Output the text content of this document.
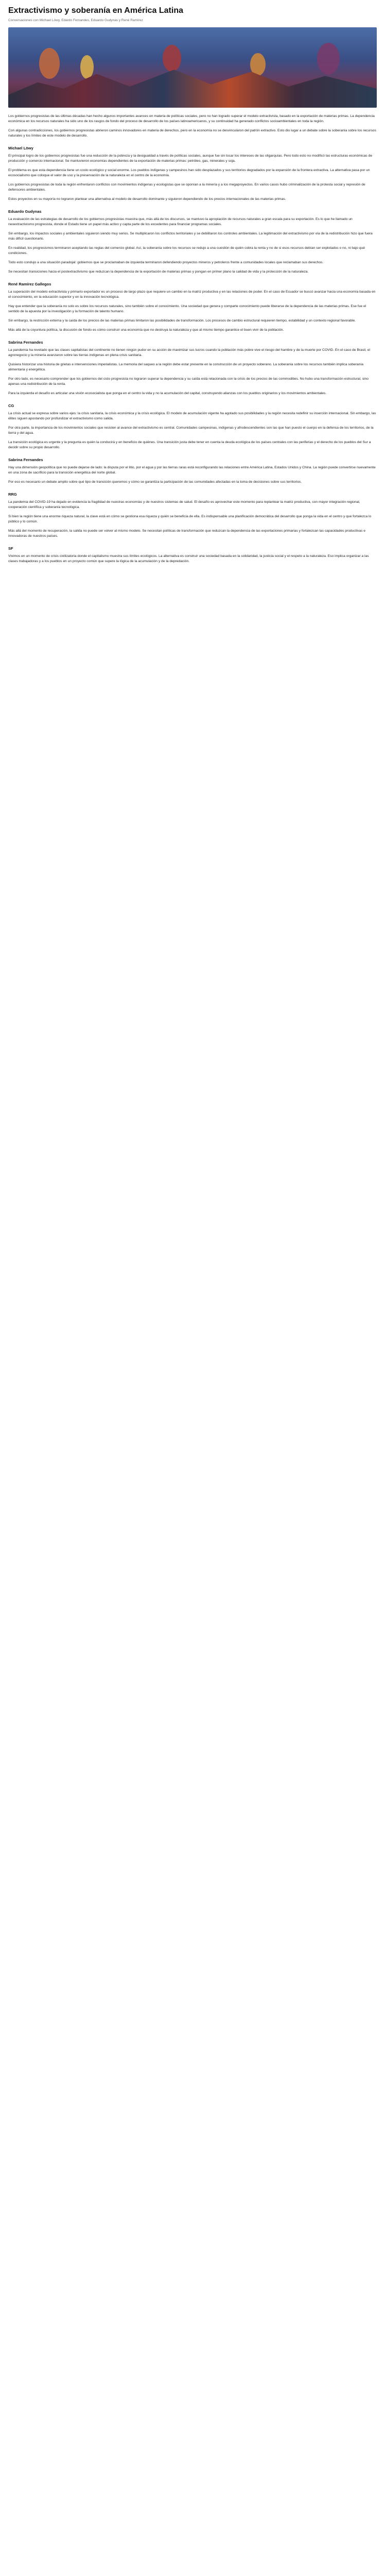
Extractivismo y soberanía en América Latina
Conversaciones con Michael Löwy, Edardo Fernandes, Eduardo Gudynas y René Ramírez

Los gobiernos progresistas de las últimas décadas han hecho algunos importantes avances en materia de políticas sociales, pero no han logrado superar el modelo extractivista, basado en la exportación de materias primas. La dependencia económica en los recursos naturales ha sido uno de los rasgos de fondo del proceso de desarrollo de los países latinoamericanos, y su continuidad ha generado conflictos socioambientales en toda la región.

Con algunas contradicciones, los gobiernos progresistas abrieron caminos innovadores en materia de derechos, pero en la economía no se desvincularon del patrón extractivo. Esto dio lugar a un debate sobre la soberanía sobre los recursos naturales y los límites de este modelo de desarrollo.

Michael Löwy

El principal logro de los gobiernos progresistas fue una reducción de la pobreza y la desigualdad a través de políticas sociales, aunque fue sin tocar los intereses de las oligarquías. Pero todo esto no modificó las estructuras económicas de producción y comercio internacional. Se mantuvieron economías dependientes de la exportación de materias primas: petróleo, gas, minerales y soja.

El problema es que esta dependencia tiene un costo ecológico y social enorme. Los pueblos indígenas y campesinos han sido desplazados y sus territorios degradados por la expansión de la frontera extractiva. La alternativa pasa por un ecosocialismo que coloque el valor de uso y la preservación de la naturaleza en el centro de la economía.

Los gobiernos progresistas de toda la región enfrentaron conflictos con movimientos indígenas y ecologistas que se oponían a la minería y a los megaproyectos. En varios casos hubo criminalización de la protesta social y represión de defensores ambientales.

Estos proyectos en su mayoría no lograron plantear una alternativa al modelo de desarrollo dominante y siguieron dependiendo de los precios internacionales de las materias primas.

Eduardo Gudynas

La evaluación de las estrategias de desarrollo de los gobiernos progresistas muestra que, más allá de los discursos, se mantuvo la apropiación de recursos naturales a gran escala para su exportación. Es lo que he llamado un neoextractivismo progresista, donde el Estado tiene un papel más activo y capta parte de los excedentes para financiar programas sociales.

Sin embargo, los impactos sociales y ambientales siguieron siendo muy serios. Se multiplicaron los conflictos territoriales y se debilitaron los controles ambientales. La legitimación del extractivismo por vía de la redistribución hizo que fuera más difícil cuestionarlo.

En realidad, los progresismos terminaron aceptando las reglas del comercio global. Así, la soberanía sobre los recursos se redujo a una cuestión de quién cobra la renta y no de si esos recursos debían ser explotados o no, ni bajo qué condiciones.

Todo esto condujo a una situación paradojal: gobiernos que se proclamaban de izquierda terminaron defendiendo proyectos mineros y petroleros frente a comunidades locales que reclamaban sus derechos.

Se necesitan transiciones hacia el postextractivismo que reduzcan la dependencia de la exportación de materias primas y pongan en primer plano la calidad de vida y la protección de la naturaleza.

René Ramírez Gallegos

La superación del modelo extractivista y primario exportador es un proceso de largo plazo que requiere un cambio en la matriz productiva y en las relaciones de poder. En el caso de Ecuador se buscó avanzar hacia una economía basada en el conocimiento, en la educación superior y en la innovación tecnológica.

Hay que entender que la soberanía no solo es sobre los recursos naturales, sino también sobre el conocimiento. Una sociedad que genera y comparte conocimiento puede liberarse de la dependencia de las materias primas. Ese fue el sentido de la apuesta por la investigación y la formación de talento humano.

Sin embargo, la restricción externa y la caída de los precios de las materias primas limitaron las posibilidades de transformación. Los procesos de cambio estructural requieren tiempo, estabilidad y un contexto regional favorable.

Más allá de la coyuntura política, la discusión de fondo es cómo construir una economía que no destruya la naturaleza y que al mismo tiempo garantice el buen vivir de la población.

Sabrina Fernandes

La pandemia ha revelado que las clases capitalistas del continente no tienen ningún pudor en su acción de maximizar sus lucros cuando la población más pobre vive el riesgo del hambre y de la muerte por COVID. En el caso de Brasil, el agronegocio y la minería avanzaron sobre las tierras indígenas en plena crisis sanitaria.

Quisiera historizar una historia de grietas e intervenciones imperialistas. La memoria del saqueo a la región debe estar presente en la construcción de un proyecto soberano. La soberanía sobre los recursos también implica soberanía alimentaria y energética.

Por otro lado, es necesario comprender que los gobiernos del ciclo progresista no lograron superar la dependencia y su caída está relacionada con la crisis de los precios de las commodities. No hubo una transformación estructural, sino apenas una redistribución de la renta.

Para la izquierda el desafío es articular una visión ecosocialista que ponga en el centro la vida y no la acumulación del capital, construyendo alianzas con los pueblos originarios y los movimientos ambientales.

CG

La crisis actual se expresa sobre varios ejes: la crisis sanitaria, la crisis económica y la crisis ecológica. El modelo de acumulación vigente ha agotado sus posibilidades y la región necesita redefinir su inserción internacional. Sin embargo, las élites siguen apostando por profundizar el extractivismo como salida.

Por otra parte, la importancia de los movimientos sociales que resisten al avance del extractivismo es central. Comunidades campesinas, indígenas y afrodescendientes son las que han puesto el cuerpo en la defensa de los territorios, de la tierra y del agua.

La transición ecológica es urgente y la pregunta es quién la conducirá y en beneficio de quiénes. Una transición justa debe tener en cuenta la deuda ecológica de los países centrales con las periferias y el derecho de los pueblos del Sur a decidir sobre su propio desarrollo.

Sabrina Fernandes

Hay una dimensión geopolítica que no puede dejarse de lado: la disputa por el litio, por el agua y por las tierras raras está reconfigurando las relaciones entre América Latina, Estados Unidos y China. La región puede convertirse nuevamente en una zona de sacrificio para la transición energética del norte global.

Por eso es necesario un debate amplio sobre qué tipo de transición queremos y cómo se garantiza la participación de las comunidades afectadas en la toma de decisiones sobre sus territorios.

RRG

La pandemia del COVID-19 ha dejado en evidencia la fragilidad de nuestras economías y de nuestros sistemas de salud. El desafío es aprovechar este momento para replantear la matriz productiva, con mayor integración regional, cooperación científica y soberanía tecnológica.

Si bien la región tiene una enorme riqueza natural, la clave está en cómo se gestiona esa riqueza y quién se beneficia de ella. Es indispensable una planificación democrática del desarrollo que ponga la vida en el centro y que fortalezca lo público y lo común.

Más allá del momento de recuperación, la salida no puede ser volver al mismo modelo. Se necesitan políticas de transformación que reduzcan la dependencia de las exportaciones primarias y fortalezcan las capacidades productivas e innovadoras de nuestros países.

SF

Vivimos en un momento de crisis civilizatoria donde el capitalismo muestra sus límites ecológicos. La alternativa es construir una sociedad basada en la solidaridad, la justicia social y el respeto a la naturaleza. Eso implica organizar a las clases trabajadoras y a los pueblos en un proyecto común que supere la lógica de la acumulación y de la depredación.
